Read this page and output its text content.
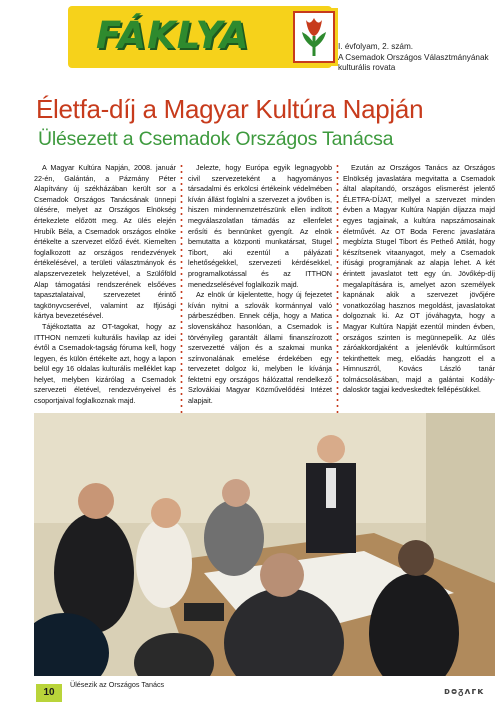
FÁKLYA	I. évfolyam, 2. szám.
A Csemadok Országos Választmányának kulturális rovata
Életfa-díj a Magyar Kultúra Napján
Ülésezett a Csemadok Országos Tanácsa

A Magyar Kultúra Napján, 2008. január 22-én, Galántán, a Pázmány Péter Alapítvány új székházában került sor a Csemadok Országos Tanácsának ünnepi ülésére, melyet az Országos Elnökség értekezlete előzött meg. Az ülés elején Hrubík Béla, a Csemadok országos elnöke értékelte a szervezet előző évét. Kiemelten foglalkozott az országos rendezvények értékelésével, a területi választmányok és alapszervezetek helyzetével, a Szülőföld Alap támogatási rendszerének elsőéves tapasztalataival, szervezetet érintő tagkönyvcserével, valamint az Ifjúsági kártya bevezetésével.

Tájékoztatta az OT-tagokat, hogy az ITTHON nemzeti kulturális havilap az idei évtől a Csemadok-tagság fóruma kell, hogy legyen, és külön értékelte azt, hogy a lapon belül egy 16 oldalas kulturális melléklet kap helyet, melyben kizárólag a Csemadok szervezeti életével, rendezvényeivel és csoportjaival foglalkoznak majd.

Jelezte, hogy Európa egyik legnagyobb civil szervezeteként a hagyományos társadalmi és erkölcsi értékeink védelmében kíván állást foglalni a szervezet a jövőben is, hiszen mindennemzetrészünk ellen indított megválaszolatlan támadás az ellenfelet erősíti és bennünket gyengít. Az elnök bemutatta a központi munkatársat, Stugel Tibort, aki ezentúl a pályázati lehetőségekkel, szervezeti kérdésekkel, programalkotással és az ITTHON menedzselésével foglalkozik majd.

Az elnök úr kijelentette, hogy új fejezetet kíván nyitni a szlovák kormánnyal való párbeszédben. Ennek célja, hogy a Matica slovenskához hasonlóan, a Csemadok is törvényileg garantált állami finanszírozott szervezetté váljon és a szakmai munka színvonalának emelése érdekében egy tervezetet dolgoz ki, melyben le kívánja fektetni egy országos hálózattal rendelkező Szlovákiai Magyar Közművelődési Intézet alapjait.

Ezután az Országos Tanács az Országos Elnökség javaslatára megvitatta a Csemadok által alapítandó, országos elismerést jelentő ÉLETFA-DÍJAT, mellyel a szervezet minden évben a Magyar Kultúra Napján díjazza majd egyes tagjainak, a kultúra napszámosainak életművét. Az OT Boda Ferenc javaslatára megbízta Stugel Tibort és Petheő Attilát, hogy készítsenek vitaanyagot, mely a Csemadok ifúsági programjának az alapja lehet. A két érintett javaslatot tett egy ún. Jövőkép-díj megalapítására is, amelyet azon személyek kapnának akik a szervezet jövőjére vonatkozólag hasznos megoldást, javaslatokat dolgoznak ki. Az OT jóváhagyta, hogy a Magyar Kultúra Napját ezentúl minden évben, országos szinten is megünnepelik. Az ülés záróakkordjaként a jelenlévők kultúrműsort tekinthettek meg, előadás hangzott el a Himnuszról, Kovács László tanár tolmácsolásában, majd a galántai Kodály-daloskör tagjai kedveskedtek fellépésükkel.

10
Ülésezik az Országos Tanács
ᴅᴑᵹᴧᴦᴋ
